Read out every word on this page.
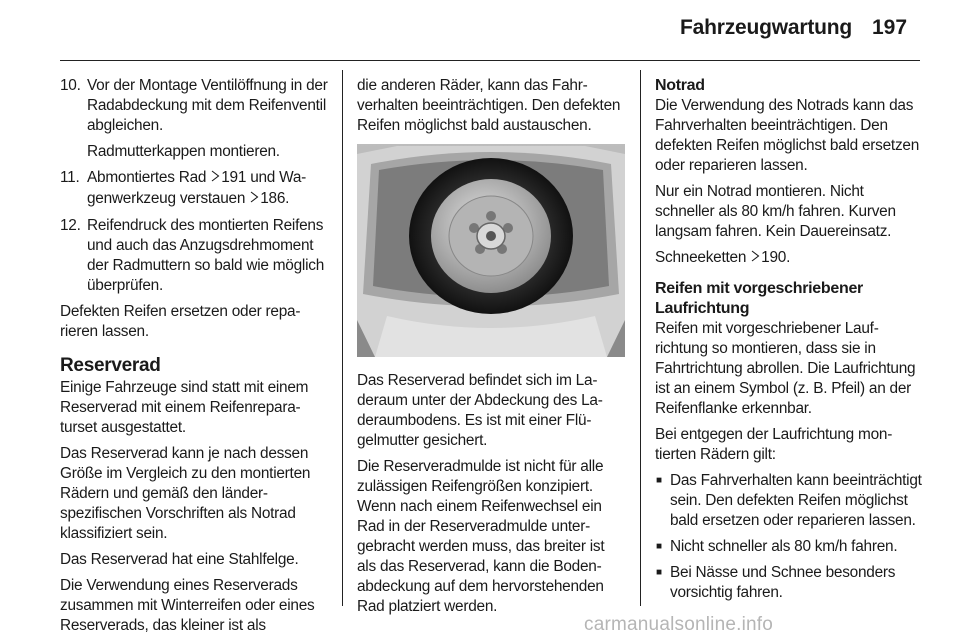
Fahrzeugwartung 197
10. Vor der Montage Ventilöffnung in der Radabdeckung mit dem Reifenventil abgleichen.

Radmutterkappen montieren.

11. Abmontiertes Rad 191 und Wagenwerkzeug verstauen 186.

12. Reifendruck des montierten Reifens und auch das Anzugsdrehmoment der Radmuttern so bald wie möglich überprüfen.

Defekten Reifen ersetzen oder reparieren lassen.

Reserverad

Einige Fahrzeuge sind statt mit einem Reserverad mit einem Reifenreparaturset ausgestattet.

Das Reserverad kann je nach dessen Größe im Vergleich zu den montierten Rädern und gemäß den länderspezifischen Vorschriften als Notrad klassifiziert sein.

Das Reserverad hat eine Stahlfelge.

Die Verwendung eines Reserverads zusammen mit Winterreifen oder eines Reserverads, das kleiner ist als

die anderen Räder, kann das Fahrverhalten beeinträchtigen. Den defekten Reifen möglichst bald austauschen.

Das Reserverad befindet sich im Laderaum unter der Abdeckung des Laderaumbodens. Es ist mit einer Flügelmutter gesichert.

Die Reserveradmulde ist nicht für alle zulässigen Reifengrößen konzipiert. Wenn nach einem Reifenwechsel ein Rad in der Reserveradmulde untergebracht werden muss, das breiter ist als das Reserverad, kann die Bodenabdeckung auf dem hervorstehenden Rad platziert werden.

Notrad

Die Verwendung des Notrads kann das Fahrverhalten beeinträchtigen. Den defekten Reifen möglichst bald ersetzen oder reparieren lassen.

Nur ein Notrad montieren. Nicht schneller als 80 km/h fahren. Kurven langsam fahren. Kein Dauereinsatz.

Schneeketten 190.

Reifen mit vorgeschriebener Laufrichtung

Reifen mit vorgeschriebener Laufrichtung so montieren, dass sie in Fahrtrichtung abrollen. Die Laufrichtung ist an einem Symbol (z. B. Pfeil) an der Reifenflanke erkennbar.

Bei entgegen der Laufrichtung montierten Rädern gilt:

■ Das Fahrverhalten kann beeinträchtigt sein. Den defekten Reifen möglichst bald ersetzen oder reparieren lassen.
■ Nicht schneller als 80 km/h fahren.
■ Bei Nässe und Schnee besonders vorsichtig fahren.
carmanualsonline.info
